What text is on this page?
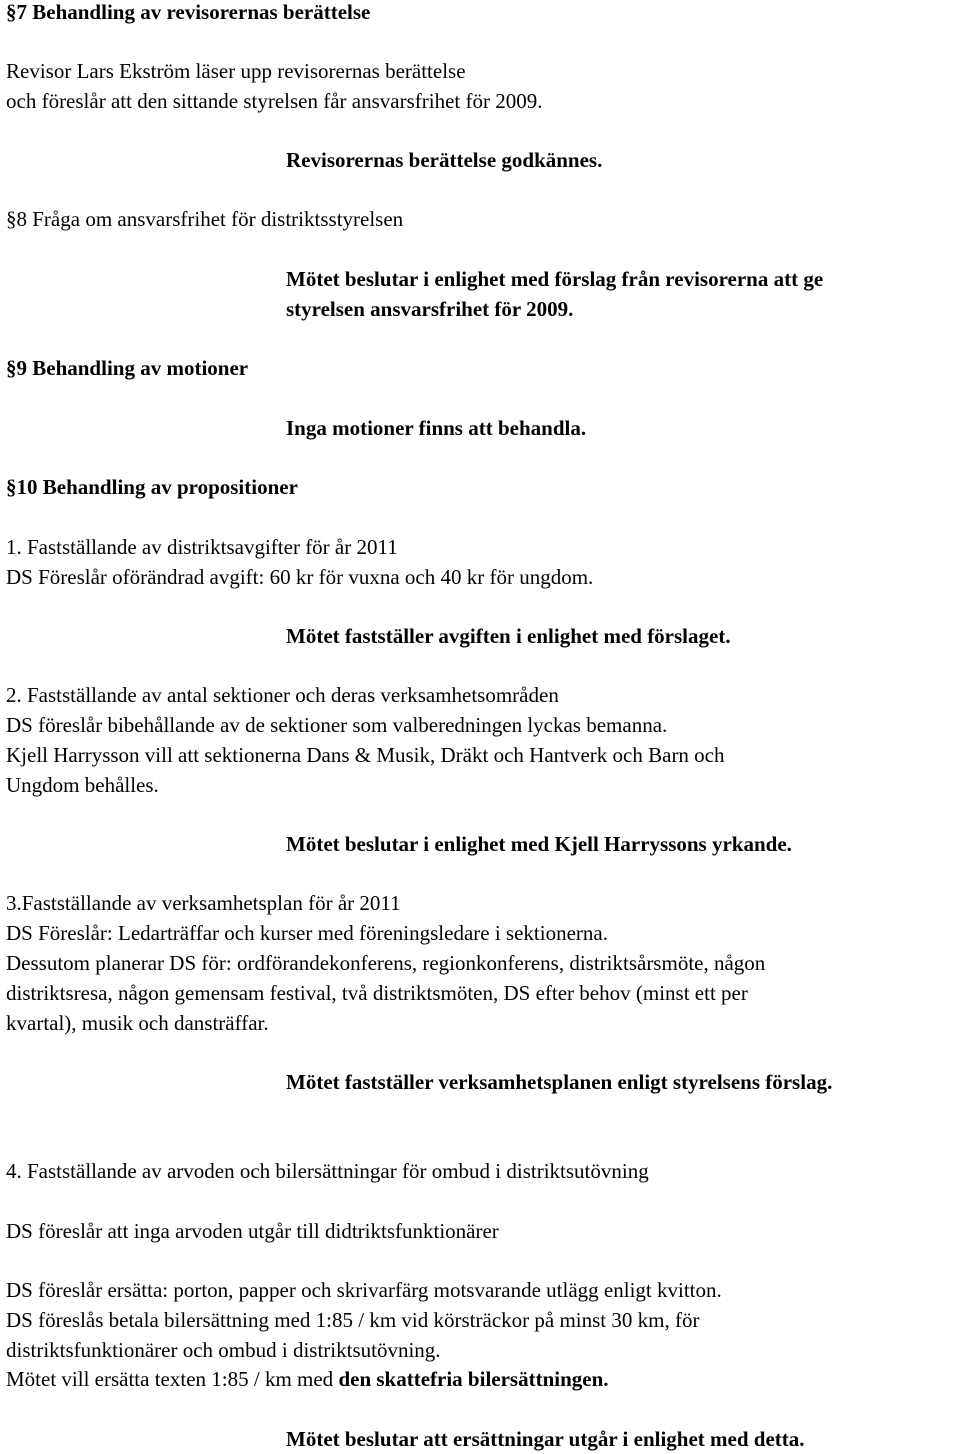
§7 Behandling av revisorernas berättelse

Revisor Lars Ekström läser upp revisorernas berättelse

och föreslår att den sittande styrelsen får ansvarsfrihet för 2009.

Revisorernas berättelse godkännes.

§8 Fråga om ansvarsfrihet för distriktsstyrelsen

Mötet beslutar i enlighet med förslag från revisorerna att ge

styrelsen ansvarsfrihet för 2009.

§9 Behandling av motioner

Inga motioner finns att behandla.

§10 Behandling av propositioner

1. Fastställande av distriktsavgifter för år 2011

DS Föreslår oförändrad avgift: 60 kr för vuxna och 40 kr för ungdom.

Mötet fastställer avgiften i enlighet med förslaget.

2. Fastställande av antal sektioner och deras verksamhetsområden

DS föreslår bibehållande av de sektioner som valberedningen lyckas bemanna.

Kjell Harrysson vill att sektionerna Dans & Musik, Dräkt och Hantverk och Barn och

Ungdom behålles.

Mötet beslutar i enlighet med Kjell Harryssons yrkande.

3.Fastställande av verksamhetsplan för år 2011

DS Föreslår: Ledarträffar och kurser med föreningsledare i sektionerna.

Dessutom planerar DS för: ordförandekonferens, regionkonferens, distriktsårsmöte, någon

distriktsresa, någon gemensam festival, två distriktsmöten, DS efter behov (minst ett per

kvartal), musik och dansträffar.

Mötet fastställer verksamhetsplanen enligt styrelsens förslag.

4. Fastställande av arvoden och bilersättningar för ombud i distriktsutövning

DS föreslår att inga arvoden utgår till didtriktsfunktionärer

DS föreslår ersätta: porton, papper och skrivarfärg motsvarande utlägg enligt kvitton.

DS föreslås betala bilersättning med 1:85 / km vid körsträckor på minst 30 km, för

distriktsfunktionärer och ombud i distriktsutövning.

Mötet vill ersätta texten 1:85 / km med den skattefria bilersättningen.

Mötet beslutar att ersättningar utgår i enlighet med detta.
